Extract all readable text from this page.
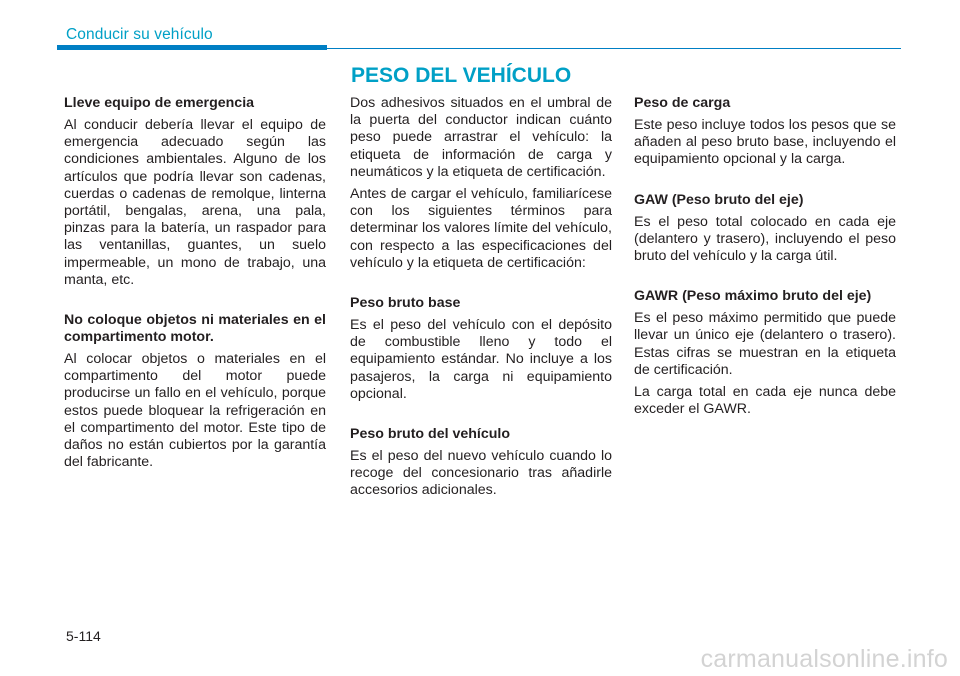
Conducir su vehículo
PESO DEL VEHÍCULO
Lleve equipo de emergencia

Al conducir debería llevar el equipo de emergencia adecuado según las condiciones ambientales. Alguno de los artículos que podría llevar son cadenas, cuerdas o cadenas de remolque, linterna portátil, bengalas, arena, una pala, pinzas para la batería, un raspador para las ventanillas, guantes, un suelo impermeable, un mono de trabajo, una manta, etc.

No coloque objetos ni materiales en el compartimento motor.

Al colocar objetos o materiales en el compartimento del motor puede producirse un fallo en el vehículo, porque estos puede bloquear la refrigeración en el compartimento del motor. Este tipo de daños no están cubiertos por la garantía del fabricante.

Dos adhesivos situados en el umbral de la puerta del conductor indican cuánto peso puede arrastrar el vehículo: la etiqueta de información de carga y neumáticos y la etiqueta de certificación.

Antes de cargar el vehículo, familiarícese con los siguientes términos para determinar los valores límite del vehículo, con respecto a las especificaciones del vehículo y la etiqueta de certificación:

Peso bruto base

Es el peso del vehículo con el depósito de combustible lleno y todo el equipamiento estándar. No incluye a los pasajeros, la carga ni equipamiento opcional.

Peso bruto del vehículo

Es el peso del nuevo vehículo cuando lo recoge del concesionario tras añadirle accesorios adicionales.

Peso de carga

Este peso incluye todos los pesos que se añaden al peso bruto base, incluyendo el equipamiento opcional y la carga.

GAW (Peso bruto del eje)

Es el peso total colocado en cada eje (delantero y trasero), incluyendo el peso bruto del vehículo y la carga útil.

GAWR (Peso máximo bruto del eje)

Es el peso máximo permitido que puede llevar un único eje (delantero o trasero). Estas cifras se muestran en la etiqueta de certificación.

La carga total en cada eje nunca debe exceder el GAWR.

5-114
carmanualsonline.info
